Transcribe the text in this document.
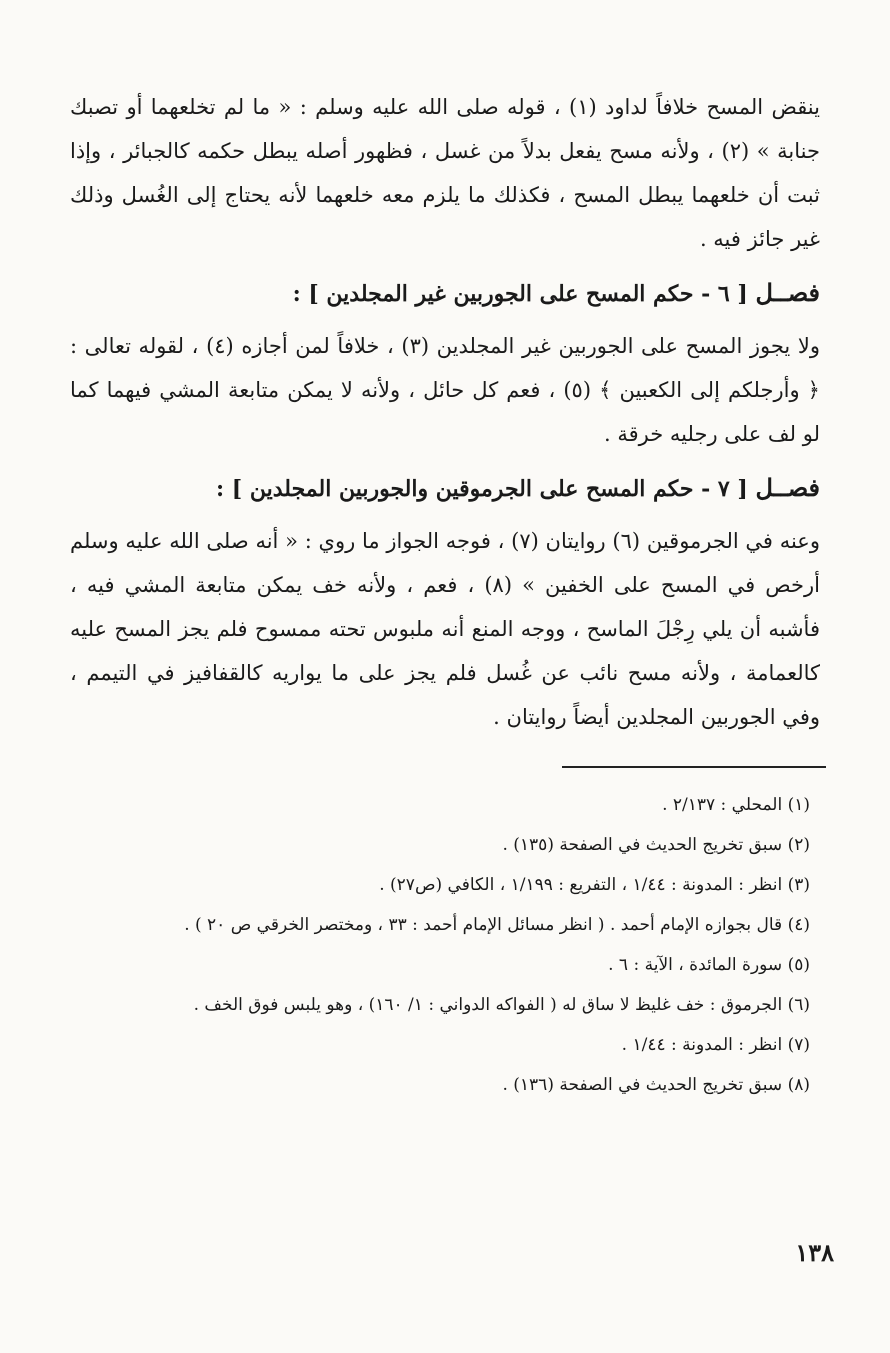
ينقض المسح خلافاً لداود (١) ، قوله صلى الله عليه وسلم : « ما لم تخلعهما أو تصبك جنابة » (٢) ، ولأنه مسح يفعل بدلاً من غسل ، فظهور أصله يبطل حكمه كالجبائر ، وإذا ثبت أن خلعهما يبطل المسح ، فكذلك ما يلزم معه خلعهما لأنه يحتاج إلى الغُسل وذلك غير جائز فيه .

فصــل [ ٦ - حكم المسح على الجوربين غير المجلدين ] :

ولا يجوز المسح على الجوربين غير المجلدين (٣) ، خلافاً لمن أجازه (٤) ، لقوله تعالى : ﴿ وأرجلكم إلى الكعبين ﴾ (٥) ، فعم كل حائل ، ولأنه لا يمكن متابعة المشي فيهما كما لو لف على رجليه خرقة .

فصــل [ ٧ - حكم المسح على الجرموقين والجوربين المجلدين ] :

وعنه في الجرموقين (٦) روايتان (٧) ، فوجه الجواز ما روي : « أنه صلى الله عليه وسلم أرخص في المسح على الخفين » (٨) ، فعم ، ولأنه خف يمكن متابعة المشي فيه ، فأشبه أن يلي رِجْلَ الماسح ، ووجه المنع أنه ملبوس تحته ممسوح فلم يجز المسح عليه كالعمامة ، ولأنه مسح نائب عن غُسل فلم يجز على ما يواريه كالقفافيز في التيمم ، وفي الجوربين المجلدين أيضاً روايتان .

(١) المحلي : ٢/١٣٧ .

(٢) سبق تخريج الحديث في الصفحة (١٣٥) .

(٣) انظر : المدونة : ١/٤٤ ، التفريع : ١/١٩٩ ، الكافي (ص٢٧) .

(٤) قال بجوازه الإمام أحمد . ( انظر مسائل الإمام أحمد : ٣٣ ، ومختصر الخرقي ص ٢٠ ) .

(٥) سورة المائدة ، الآية : ٦ .

(٦) الجرموق : خف غليظ لا ساق له ( الفواكه الدواني : ١/ ١٦٠) ، وهو يلبس فوق الخف .

(٧) انظر : المدونة : ١/٤٤ .

(٨) سبق تخريج الحديث في الصفحة (١٣٦) .

١٣٨
